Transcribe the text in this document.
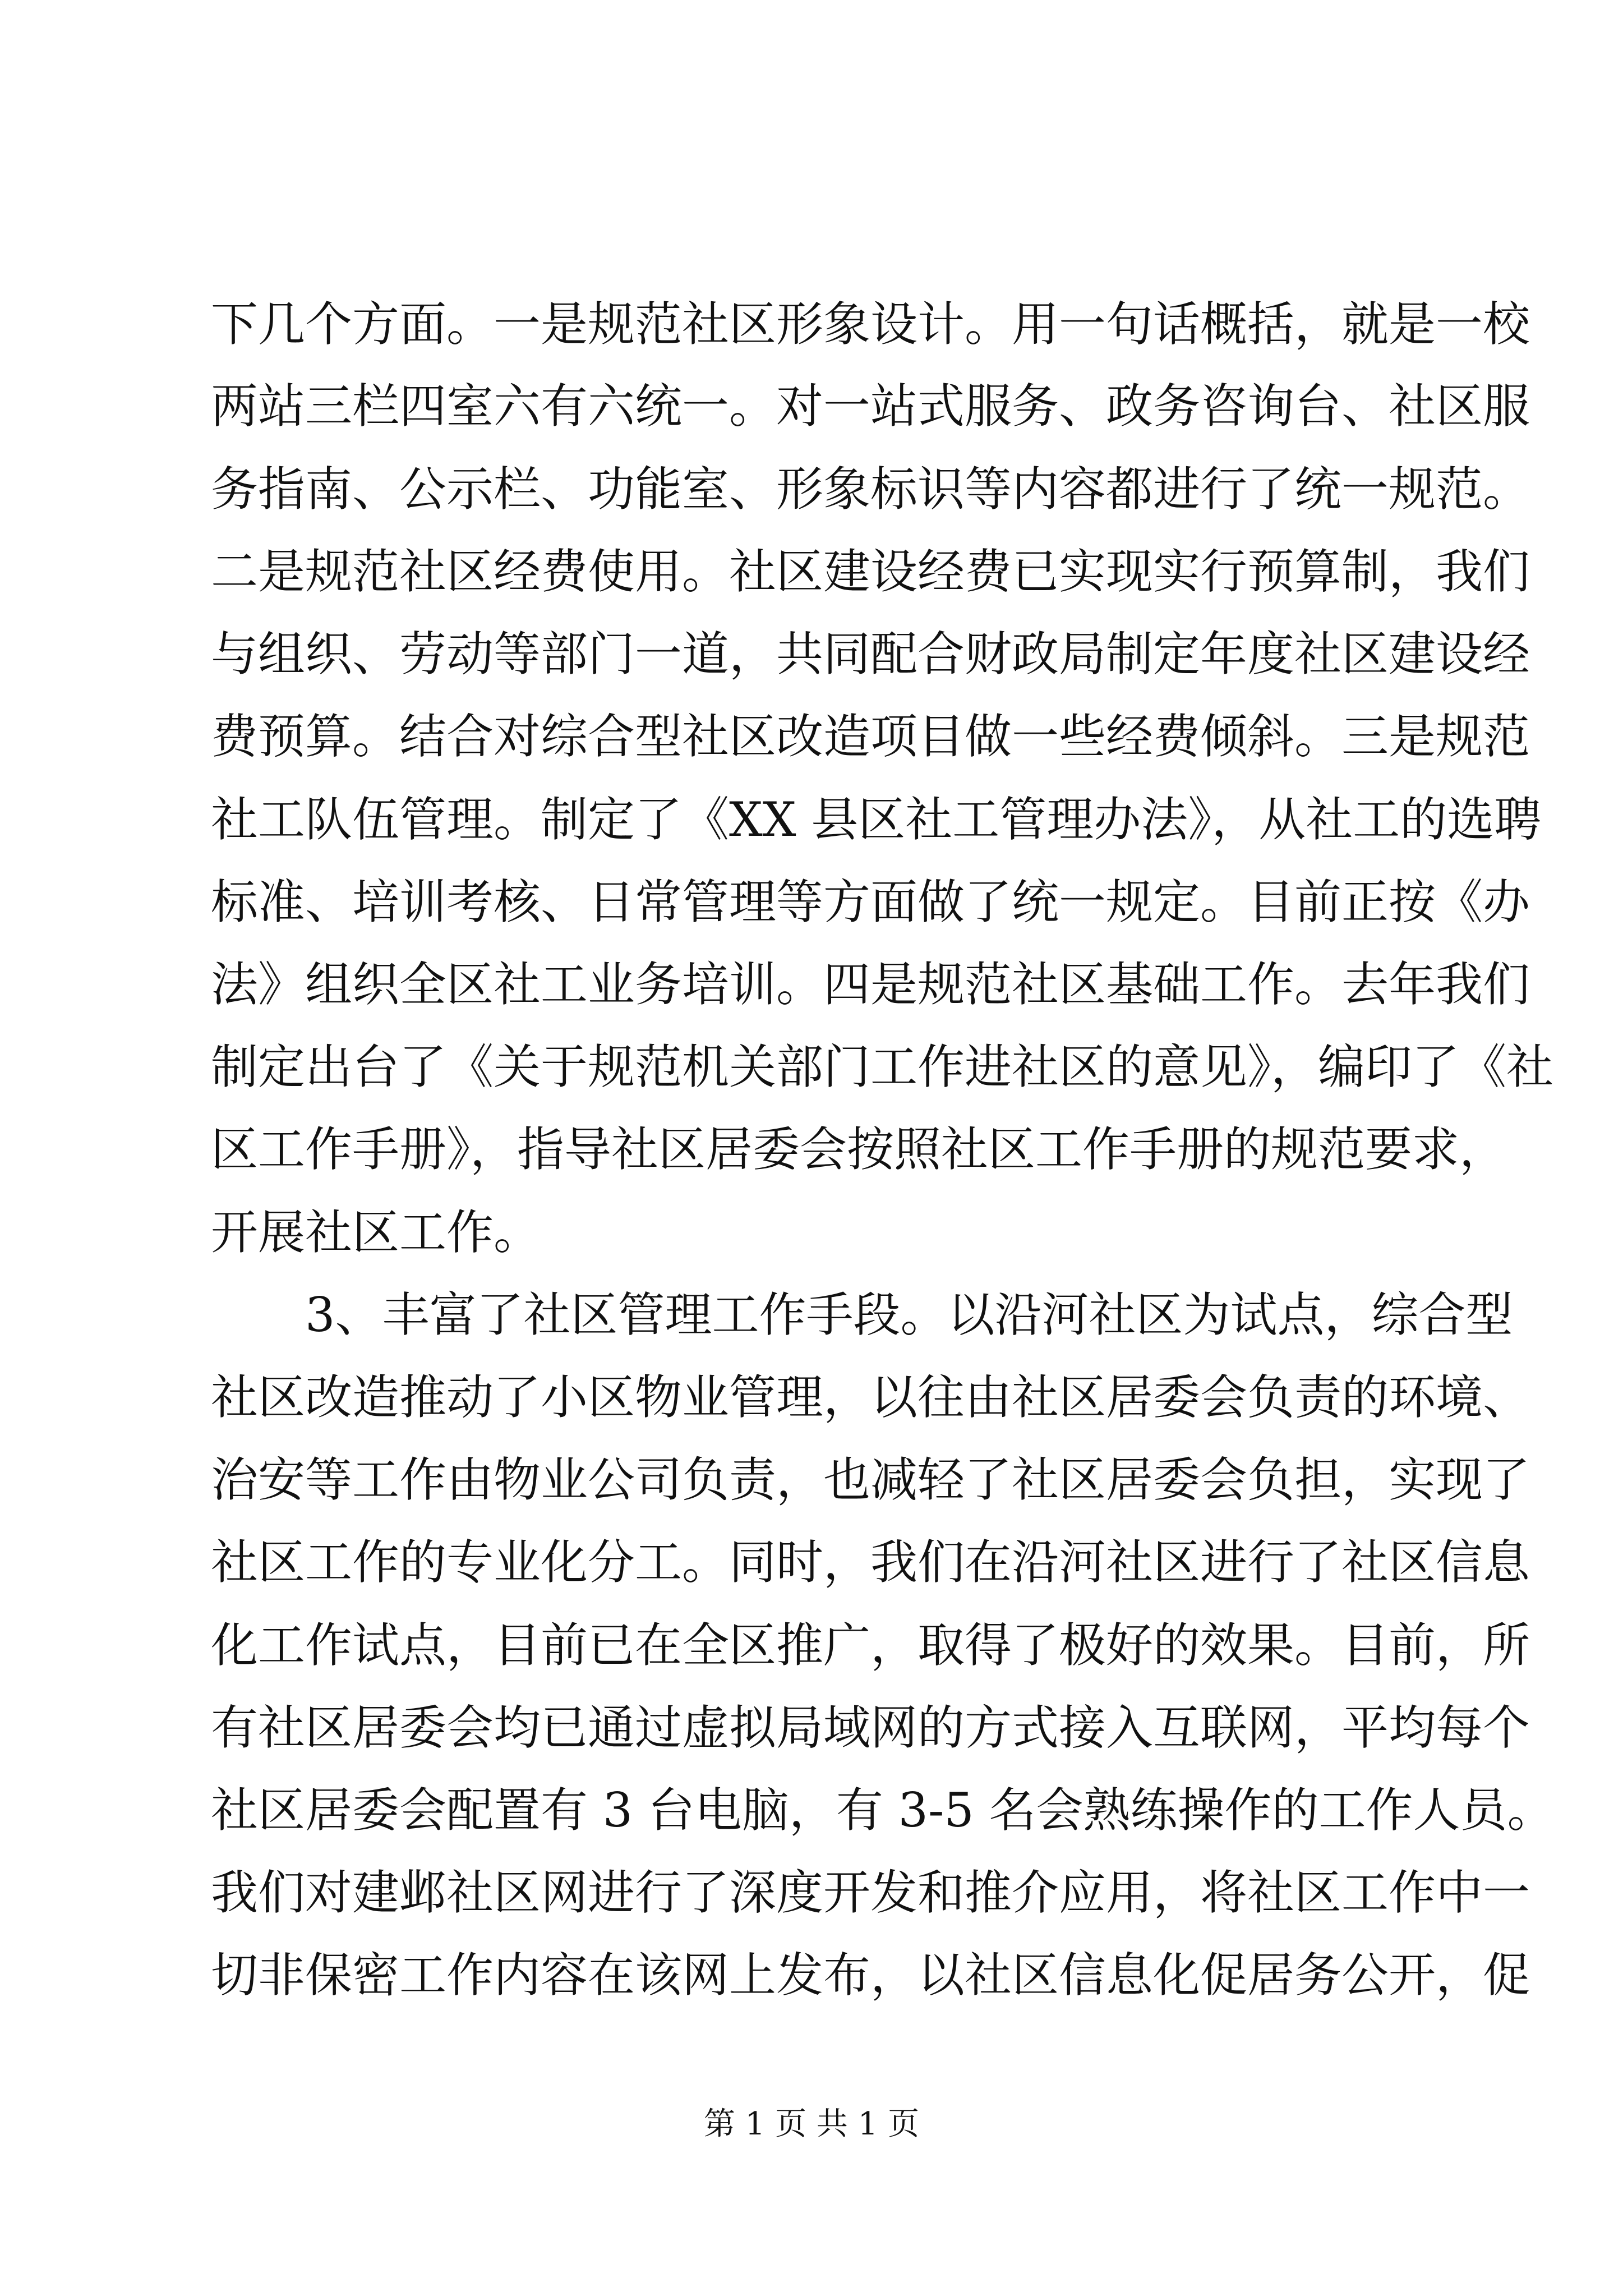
下几个方面。一是规范社区形象设计。用一句话概括，就是一校
两站三栏四室六有六统一。对一站式服务、政务咨询台、社区服
务指南、公示栏、功能室、形象标识等内容都进行了统一规范。
二是规范社区经费使用。社区建设经费已实现实行预算制，我们
与组织、劳动等部门一道，共同配合财政局制定年度社区建设经
费预算。结合对综合型社区改造项目做一些经费倾斜。三是规范
社工队伍管理。制定了《XX 县区社工管理办法》，从社工的选聘
标准、培训考核、日常管理等方面做了统一规定。目前正按《办
法》组织全区社工业务培训。四是规范社区基础工作。去年我们
制定出台了《关于规范机关部门工作进社区的意见》，编印了《社
区工作手册》，指导社区居委会按照社区工作手册的规范要求，
开展社区工作。
3、丰富了社区管理工作手段。以沿河社区为试点，综合型
社区改造推动了小区物业管理，以往由社区居委会负责的环境、
治安等工作由物业公司负责，也减轻了社区居委会负担，实现了
社区工作的专业化分工。同时，我们在沿河社区进行了社区信息
化工作试点，目前已在全区推广，取得了极好的效果。目前，所
有社区居委会均已通过虚拟局域网的方式接入互联网，平均每个
社区居委会配置有 3 台电脑，有 3-5 名会熟练操作的工作人员。
我们对建邺社区网进行了深度开发和推介应用，将社区工作中一
切非保密工作内容在该网上发布，以社区信息化促居务公开，促
第 1 页 共 1 页
